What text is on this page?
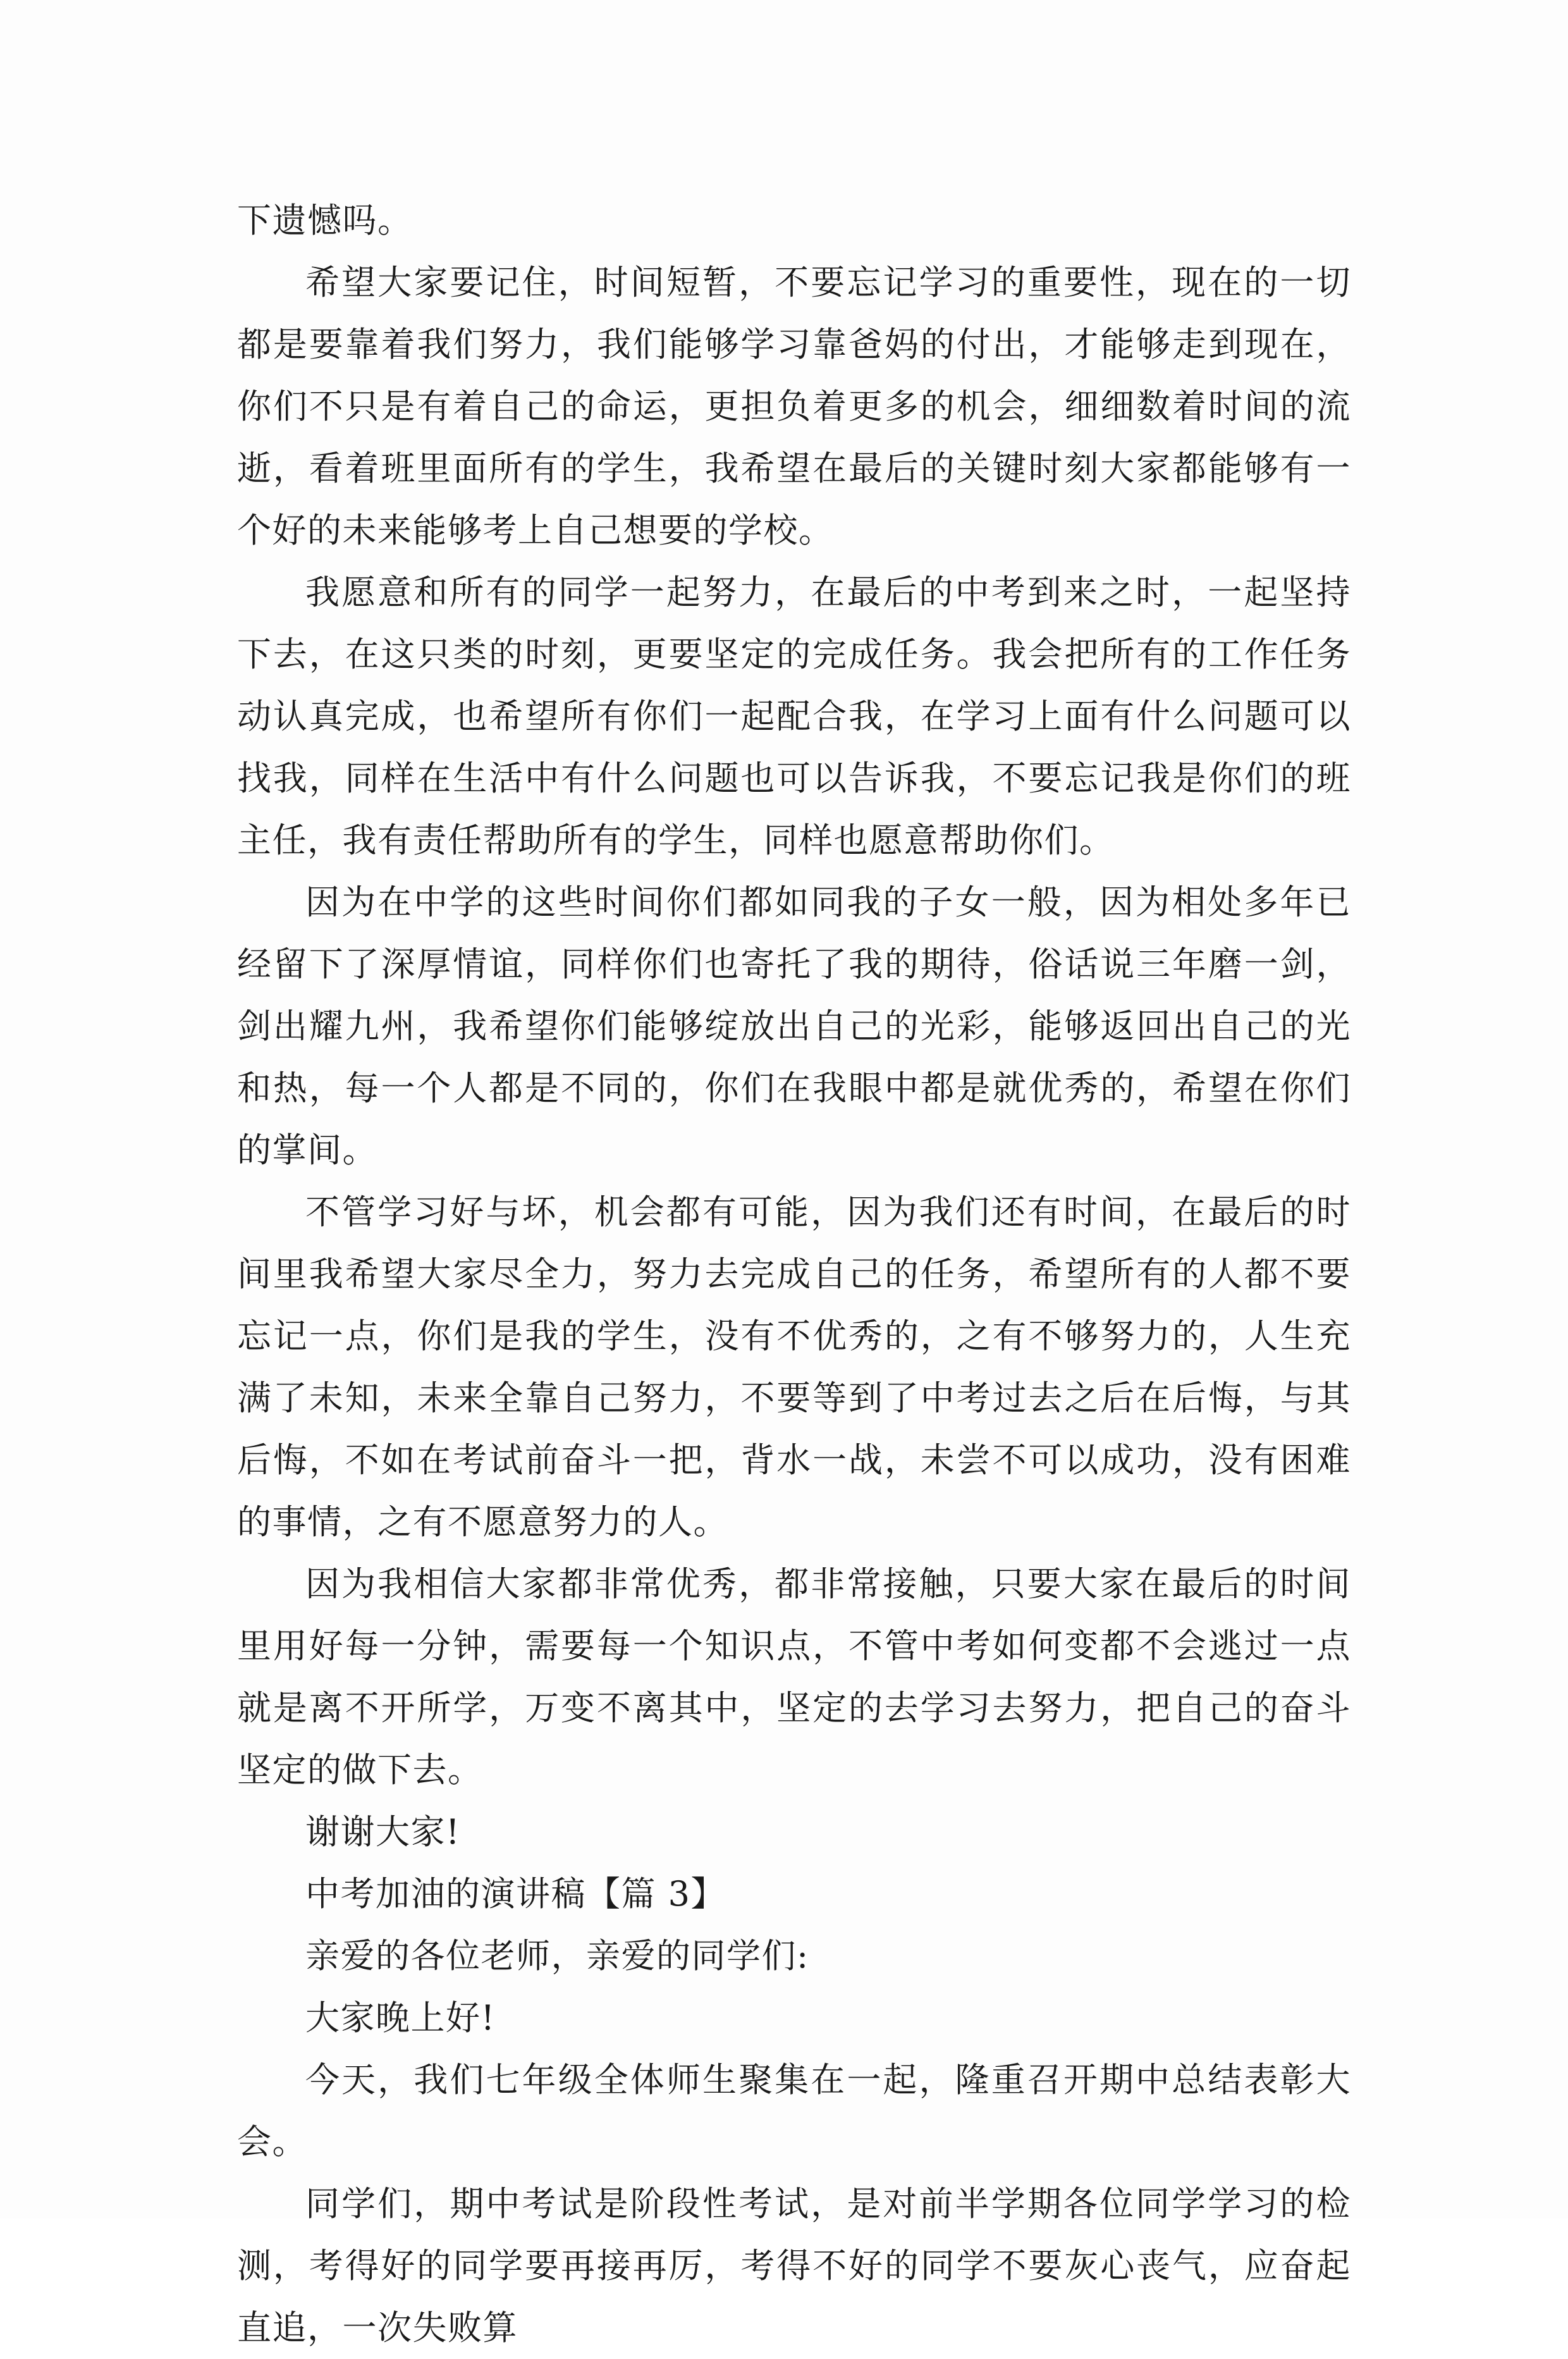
下遗憾吗。

希望大家要记住，时间短暂，不要忘记学习的重要性，现在的一切都是要靠着我们努力，我们能够学习靠爸妈的付出，才能够走到现在，你们不只是有着自己的命运，更担负着更多的机会，细细数着时间的流逝，看着班里面所有的学生，我希望在最后的关键时刻大家都能够有一个好的未来能够考上自己想要的学校。

我愿意和所有的同学一起努力，在最后的中考到来之时，一起坚持下去，在这只类的时刻，更要坚定的完成任务。我会把所有的工作任务动认真完成，也希望所有你们一起配合我，在学习上面有什么问题可以找我，同样在生活中有什么问题也可以告诉我，不要忘记我是你们的班主任，我有责任帮助所有的学生，同样也愿意帮助你们。

因为在中学的这些时间你们都如同我的子女一般，因为相处多年已经留下了深厚情谊，同样你们也寄托了我的期待，俗话说三年磨一剑，剑出耀九州，我希望你们能够绽放出自己的光彩，能够返回出自己的光和热，每一个人都是不同的，你们在我眼中都是就优秀的，希望在你们的掌间。

不管学习好与坏，机会都有可能，因为我们还有时间，在最后的时间里我希望大家尽全力，努力去完成自己的任务，希望所有的人都不要忘记一点，你们是我的学生，没有不优秀的，之有不够努力的，人生充满了未知，未来全靠自己努力，不要等到了中考过去之后在后悔，与其后悔，不如在考试前奋斗一把，背水一战，未尝不可以成功，没有困难的事情，之有不愿意努力的人。

因为我相信大家都非常优秀，都非常接触，只要大家在最后的时间里用好每一分钟，需要每一个知识点，不管中考如何变都不会逃过一点就是离不开所学，万变不离其中，坚定的去学习去努力，把自己的奋斗坚定的做下去。

谢谢大家!

中考加油的演讲稿【篇 3】

亲爱的各位老师，亲爱的同学们:

大家晚上好!

今天，我们七年级全体师生聚集在一起，隆重召开期中总结表彰大会。

同学们，期中考试是阶段性考试，是对前半学期各位同学学习的检测，考得好的同学要再接再厉，考得不好的同学不要灰心丧气，应奋起直追，一次失败算
